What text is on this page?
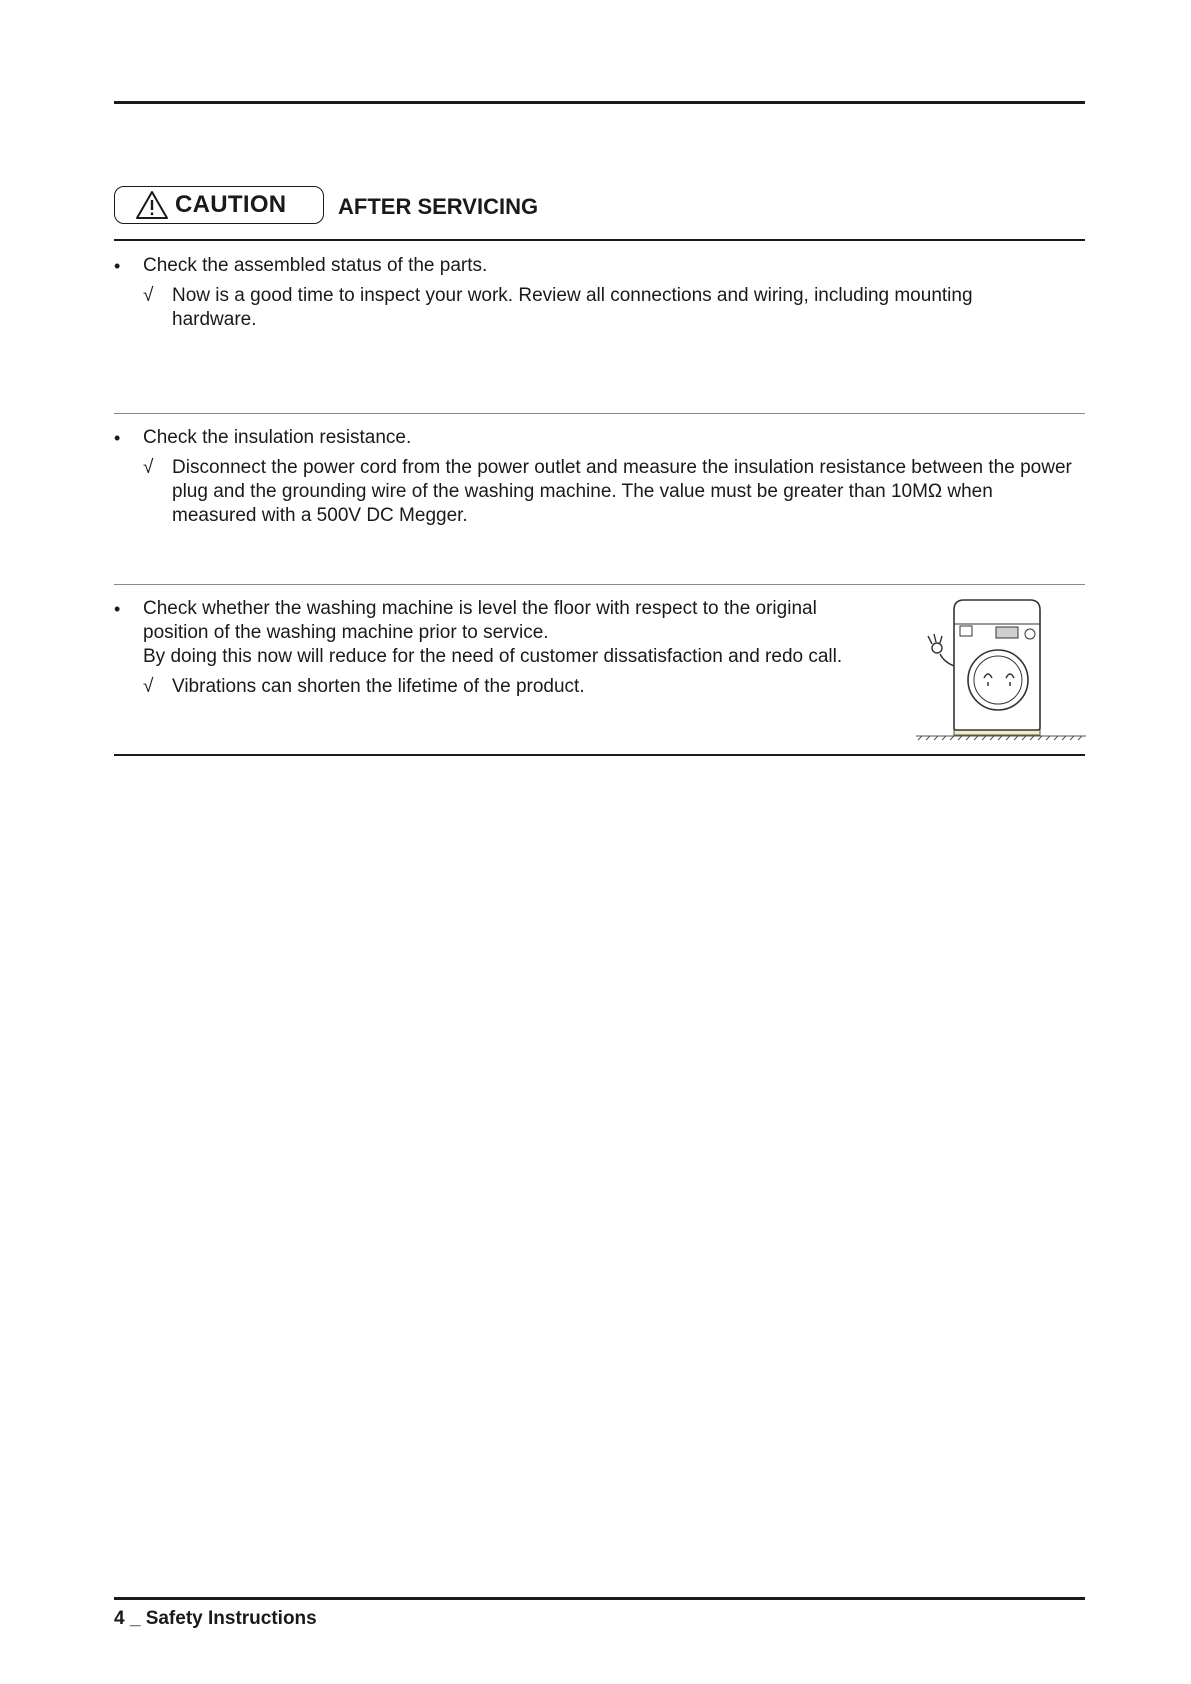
CAUTION AFTER SERVICING
•	Check the assembled status of the parts.
√ Now is a good time to inspect your work. Review all connections and wiring, including mounting hardware.
•	Check the insulation resistance.
√ Disconnect the power cord from the power outlet and measure the insulation resistance between the power plug and the grounding wire of the washing machine. The value must be greater than 10MΩ when measured with a 500V DC Megger.
•	Check whether the washing machine is level the floor with respect to the original position of the washing machine prior to service.
By doing this now will reduce for the need of customer dissatisfaction and redo call.
√ Vibrations can shorten the lifetime of the product.
4 _ Safety Instructions
